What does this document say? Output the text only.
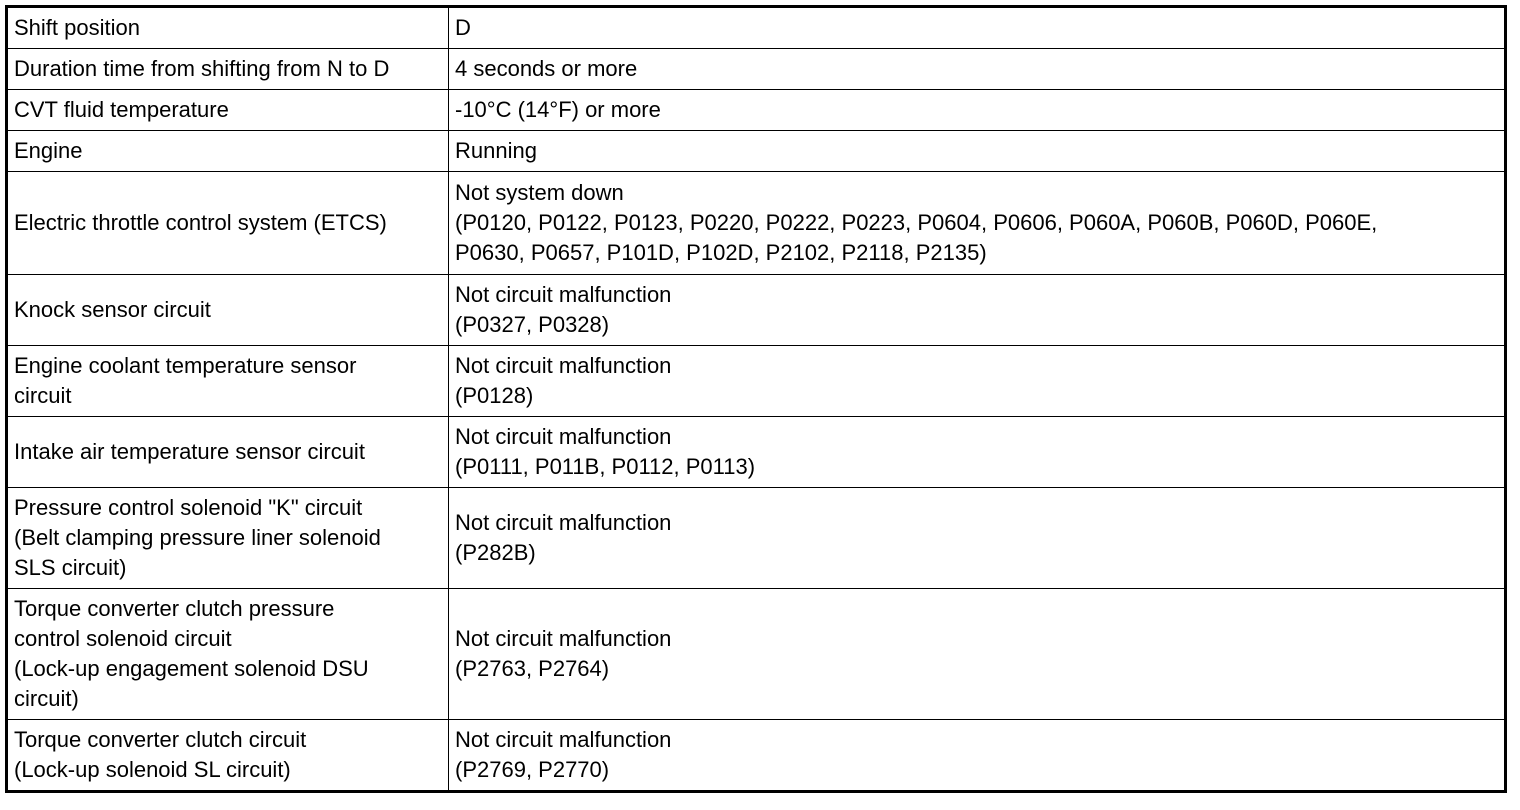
Shift position	D

Duration time from shifting from N to D	4 seconds or more

CVT fluid temperature	-10°C (14°F) or more

Engine	Running

Electric throttle control system (ETCS)	Not system down
(P0120, P0122, P0123, P0220, P0222, P0223, P0604, P0606, P060A, P060B, P060D, P060E,
P0630, P0657, P101D, P102D, P2102, P2118, P2135)

Knock sensor circuit	Not circuit malfunction
(P0327, P0328)

Engine coolant temperature sensor
circuit	Not circuit malfunction
(P0128)

Intake air temperature sensor circuit	Not circuit malfunction
(P0111, P011B, P0112, P0113)

Pressure control solenoid "K" circuit
(Belt clamping pressure liner solenoid
SLS circuit)	Not circuit malfunction
(P282B)

Torque converter clutch pressure
control solenoid circuit
(Lock-up engagement solenoid DSU
circuit)	Not circuit malfunction
(P2763, P2764)

Torque converter clutch circuit
(Lock-up solenoid SL circuit)	Not circuit malfunction
(P2769, P2770)
